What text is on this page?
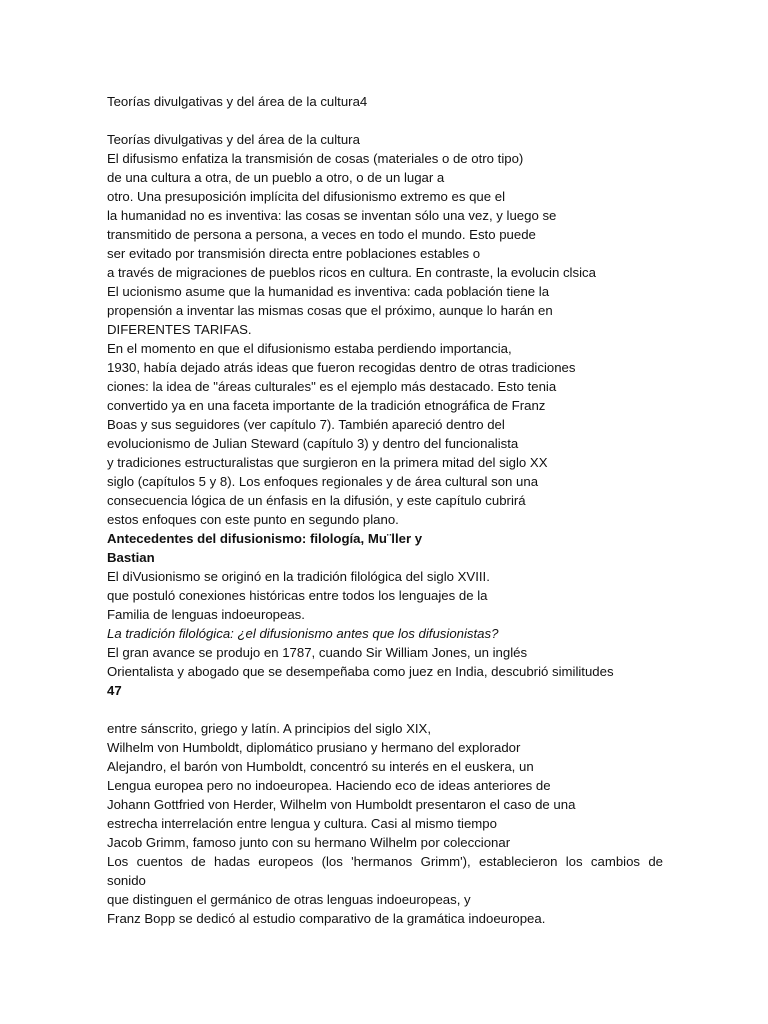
Teorías divulgativas y del área de la cultura4
Teorías divulgativas y del área de la cultura
El difusismo enfatiza la transmisión de cosas (materiales o de otro tipo)
de una cultura a otra, de un pueblo a otro, o de un lugar a
otro. Una presuposición implícita del difusionismo extremo es que el
la humanidad no es inventiva: las cosas se inventan sólo una vez, y luego se
transmitido de persona a persona, a veces en todo el mundo. Esto puede
ser evitado por transmisión directa entre poblaciones estables o
a través de migraciones de pueblos ricos en cultura. En contraste, la evolucin clsica
El ucionismo asume que la humanidad es inventiva: cada población tiene la
propensión a inventar las mismas cosas que el próximo, aunque lo harán en
DIFERENTES TARIFAS.
En el momento en que el difusionismo estaba perdiendo importancia,
1930, había dejado atrás ideas que fueron recogidas dentro de otras tradiciones
ciones: la idea de "áreas culturales" es el ejemplo más destacado. Esto tenia
convertido ya en una faceta importante de la tradición etnográfica de Franz
Boas y sus seguidores (ver capítulo 7). También apareció dentro del
evolucionismo de Julian Steward (capítulo 3) y dentro del funcionalista
y tradiciones estructuralistas que surgieron en la primera mitad del siglo XX
siglo (capítulos 5 y 8). Los enfoques regionales y de área cultural son una
consecuencia lógica de un énfasis en la difusión, y este capítulo cubrirá
estos enfoques con este punto en segundo plano.
Antecedentes del difusionismo: filología, Mu¨ller y
Bastian
El diVusionismo se originó en la tradición filológica del siglo XVIII.
que postuló conexiones históricas entre todos los lenguajes de la
Familia de lenguas indoeuropeas.
La tradición filológica: ¿el difusionismo antes que los difusionistas?
El gran avance se produjo en 1787, cuando Sir William Jones, un inglés
Orientalista y abogado que se desempeñaba como juez en India, descubrió similitudes
47
entre sánscrito, griego y latín. A principios del siglo XIX,
Wilhelm von Humboldt, diplomático prusiano y hermano del explorador
Alejandro, el barón von Humboldt, concentró su interés en el euskera, un
Lengua europea pero no indoeuropea. Haciendo eco de ideas anteriores de
Johann Gottfried von Herder, Wilhelm von Humboldt presentaron el caso de una
estrecha interrelación entre lengua y cultura. Casi al mismo tiempo
Jacob Grimm, famoso junto con su hermano Wilhelm por coleccionar
Los cuentos de hadas europeos (los 'hermanos Grimm'), establecieron los cambios de
sonido
que distinguen el germánico de otras lenguas indoeuropeas, y
Franz Bopp se dedicó al estudio comparativo de la gramática indoeuropea.
